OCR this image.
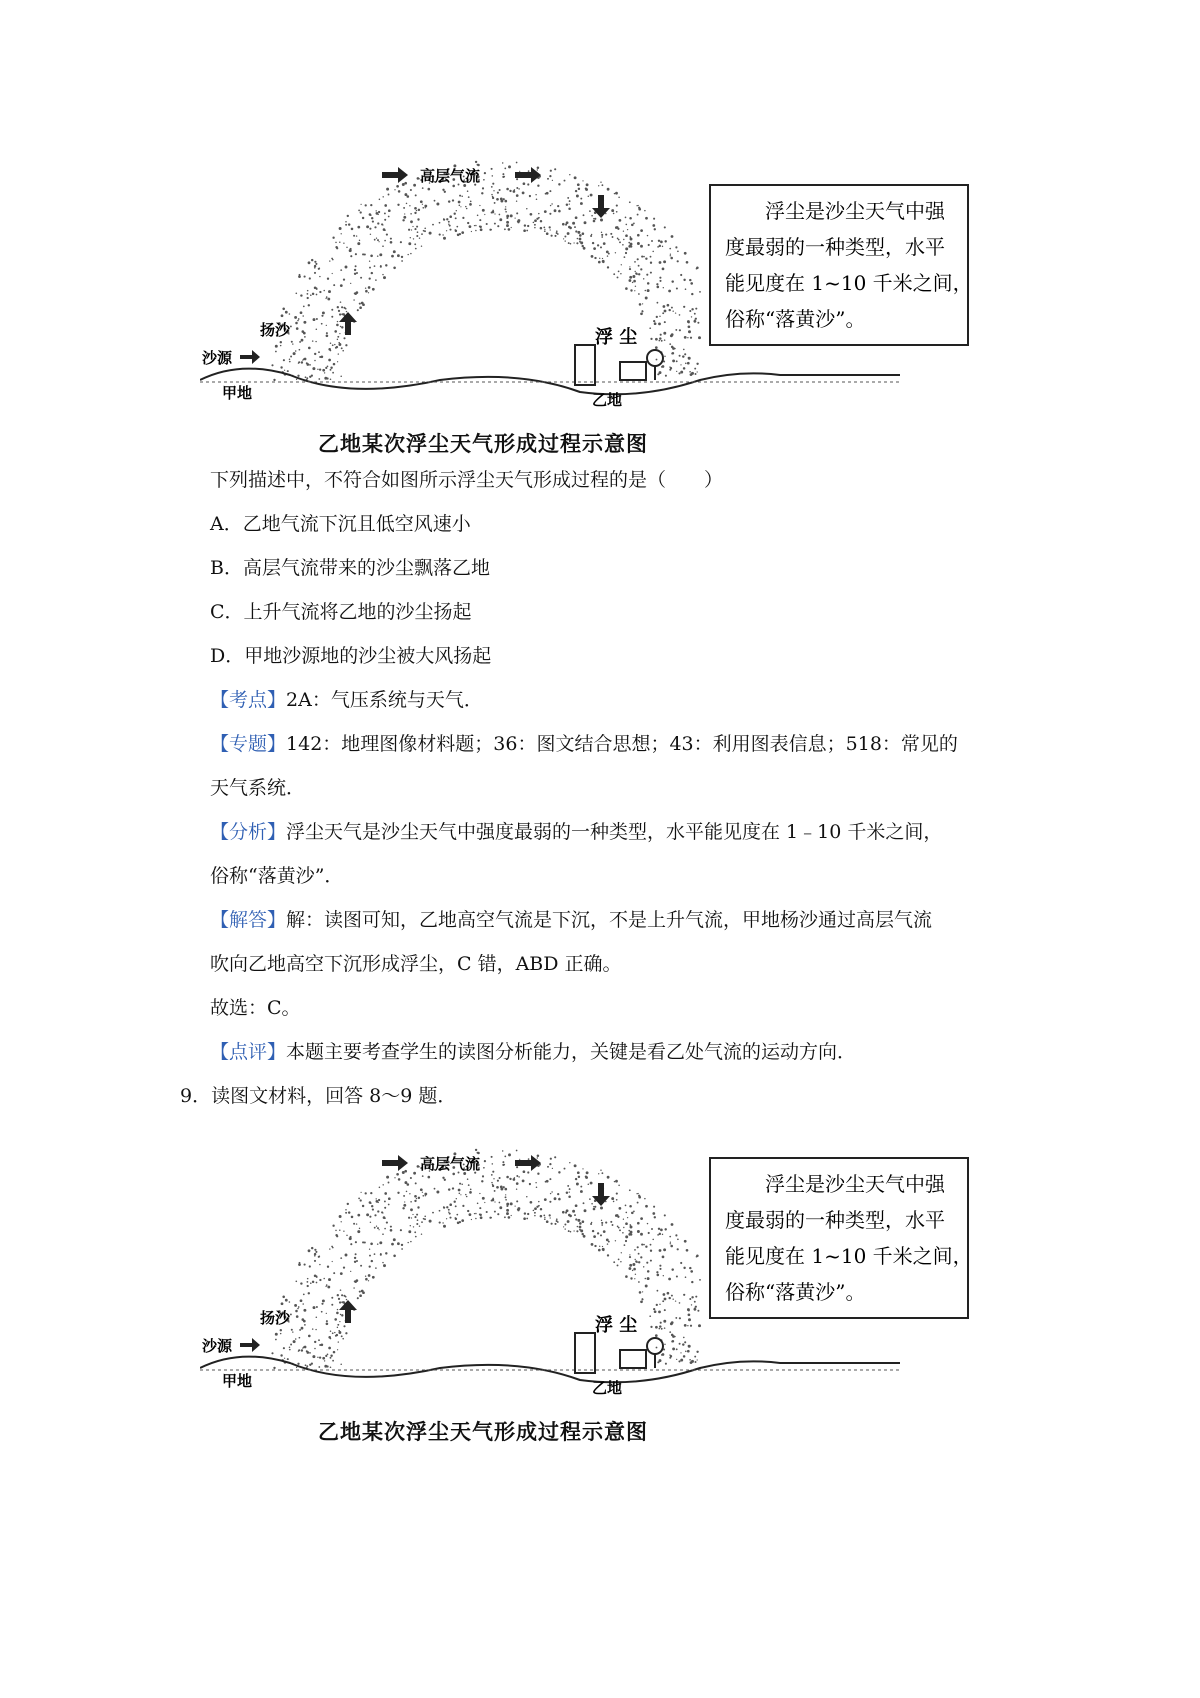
高层气流
沙源
扬沙
甲地	乙地
浮 尘
浮尘是沙尘天气中强
度最弱的一种类型，水平
能见度在 1~10 千米之间，
俗称“落黄沙”。
乙地某次浮尘天气形成过程示意图
下列描述中，不符合如图所示浮尘天气形成过程的是（　　）
A．乙地气流下沉且低空风速小
B．高层气流带来的沙尘飘落乙地
C．上升气流将乙地的沙尘扬起
D．甲地沙源地的沙尘被大风扬起
【考点】2A：气压系统与天气．
【专题】142：地理图像材料题；36：图文结合思想；43：利用图表信息；518：常见的
天气系统．
【分析】浮尘天气是沙尘天气中强度最弱的一种类型，水平能见度在 1﹣10 千米之间，
俗称“落黄沙”．
【解答】解：读图可知，乙地高空气流是下沉，不是上升气流，甲地杨沙通过高层气流
吹向乙地高空下沉形成浮尘，C 错，ABD 正确。
故选：C。
【点评】本题主要考查学生的读图分析能力，关键是看乙处气流的运动方向．
9．读图文材料，回答 8～9 题．
高层气流
沙源
扬沙
甲地	乙地
浮 尘
浮尘是沙尘天气中强
度最弱的一种类型，水平
能见度在 1~10 千米之间，
俗称“落黄沙”。
乙地某次浮尘天气形成过程示意图
